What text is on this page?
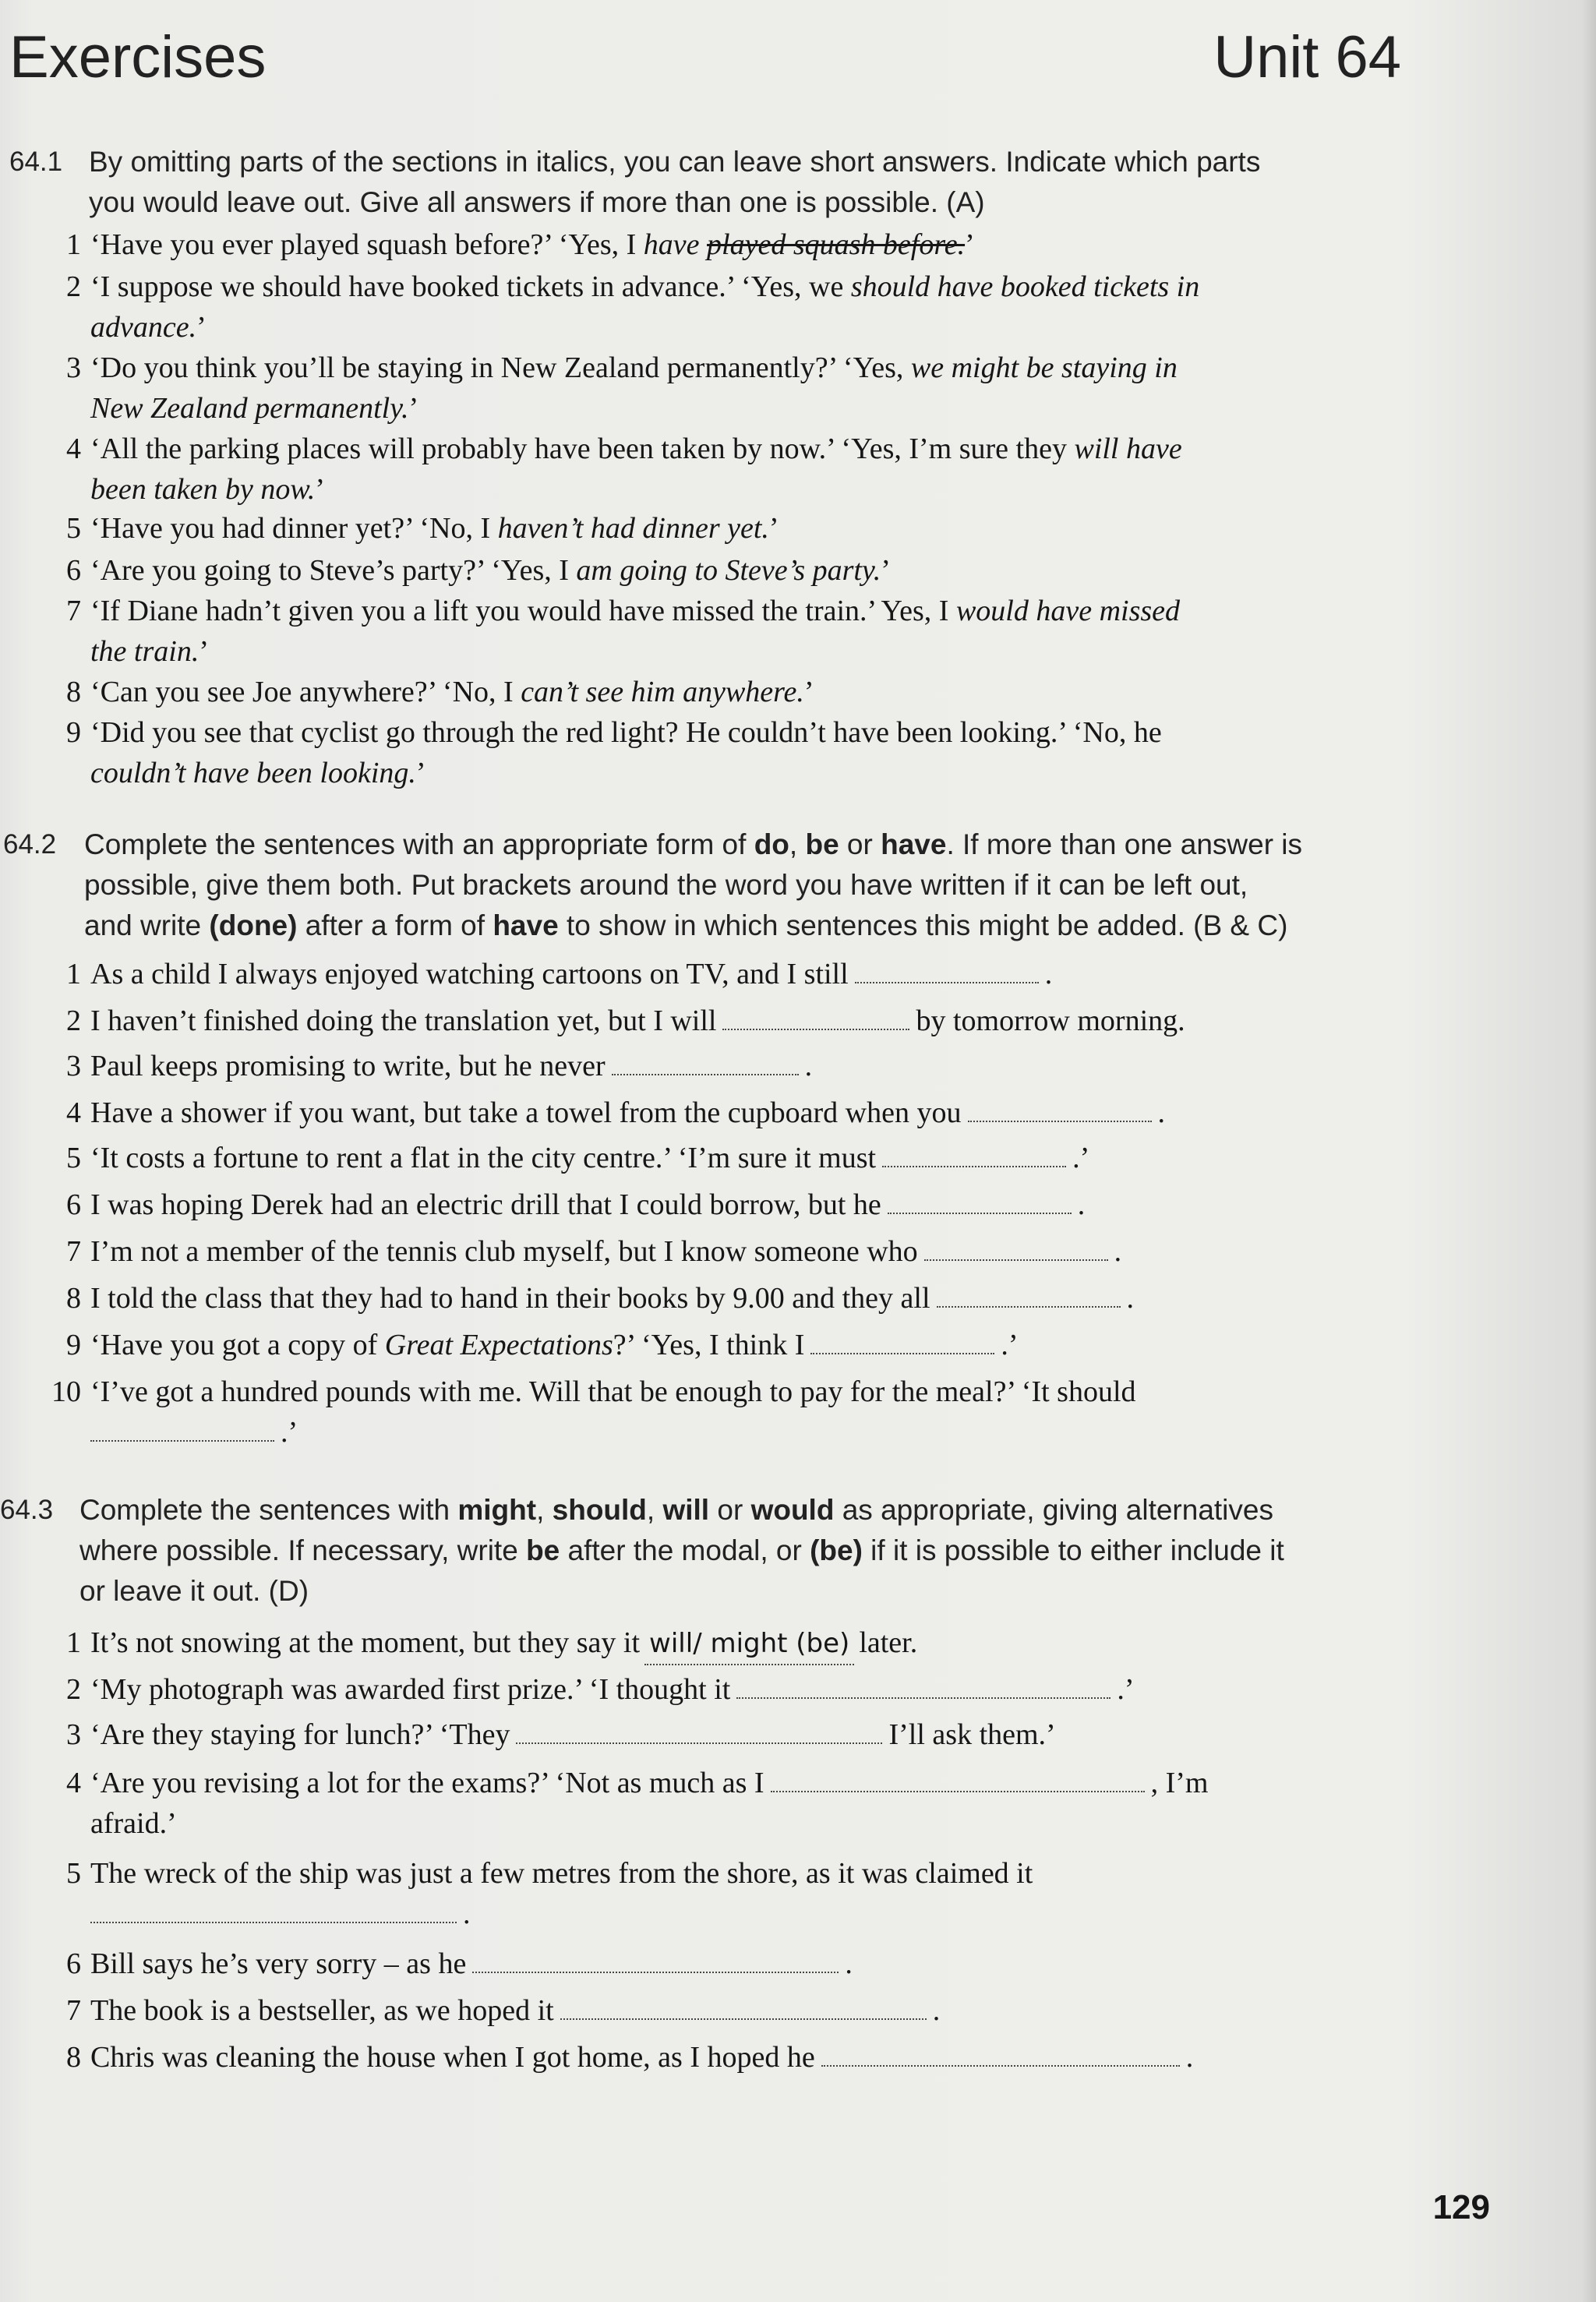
Exercises	Unit 64
64.1 By omitting parts of the sections in italics, you can leave short answers. Indicate which parts
you would leave out. Give all answers if more than one is possible. (A)
1 ‘Have you ever played squash before?’ ‘Yes, I have played squash before.’
2 ‘I suppose we should have booked tickets in advance.’ ‘Yes, we should have booked tickets in
advance.’
3 ‘Do you think you’ll be staying in New Zealand permanently?’ ‘Yes, we might be staying in
New Zealand permanently.’
4 ‘All the parking places will probably have been taken by now.’ ‘Yes, I’m sure they will have
been taken by now.’
5 ‘Have you had dinner yet?’ ‘No, I haven’t had dinner yet.’
6 ‘Are you going to Steve’s party?’ ‘Yes, I am going to Steve’s party.’
7 ‘If Diane hadn’t given you a lift you would have missed the train.’ Yes, I would have missed
the train.’
8 ‘Can you see Joe anywhere?’ ‘No, I can’t see him anywhere.’
9 ‘Did you see that cyclist go through the red light? He couldn’t have been looking.’ ‘No, he
couldn’t have been looking.’
64.2 Complete the sentences with an appropriate form of do, be or have. If more than one answer is
possible, give them both. Put brackets around the word you have written if it can be left out,
and write (done) after a form of have to show in which sentences this might be added. (B & C)
1 As a child I always enjoyed watching cartoons on TV, and I still	.
2 I haven’t finished doing the translation yet, but I will	by tomorrow morning.
3 Paul keeps promising to write, but he never	.
4 Have a shower if you want, but take a towel from the cupboard when you	.
5 ‘It costs a fortune to rent a flat in the city centre.’ ‘I’m sure it must	.’
6 I was hoping Derek had an electric drill that I could borrow, but he	.
7 I’m not a member of the tennis club myself, but I know someone who	.
8 I told the class that they had to hand in their books by 9.00 and they all	.
9 ‘Have you got a copy of Great Expectations?’ ‘Yes, I think I	.’
10 ‘I’ve got a hundred pounds with me. Will that be enough to pay for the meal?’ ‘It should
.’
64.3 Complete the sentences with might, should, will or would as appropriate, giving alternatives
where possible. If necessary, write be after the modal, or (be) if it is possible to either include it
or leave it out. (D)
1 It’s not snowing at the moment, but they say it will/ might (be) later.
2 ‘My photograph was awarded first prize.’ ‘I thought it	.’
3 ‘Are they staying for lunch?’ ‘They	I’ll ask them.’
4 ‘Are you revising a lot for the exams?’ ‘Not as much as I	, I’m
afraid.’
5 The wreck of the ship was just a few metres from the shore, as it was claimed it
.
6 Bill says he’s very sorry – as he	.
7 The book is a bestseller, as we hoped it	.
8 Chris was cleaning the house when I got home, as I hoped he	.
129
